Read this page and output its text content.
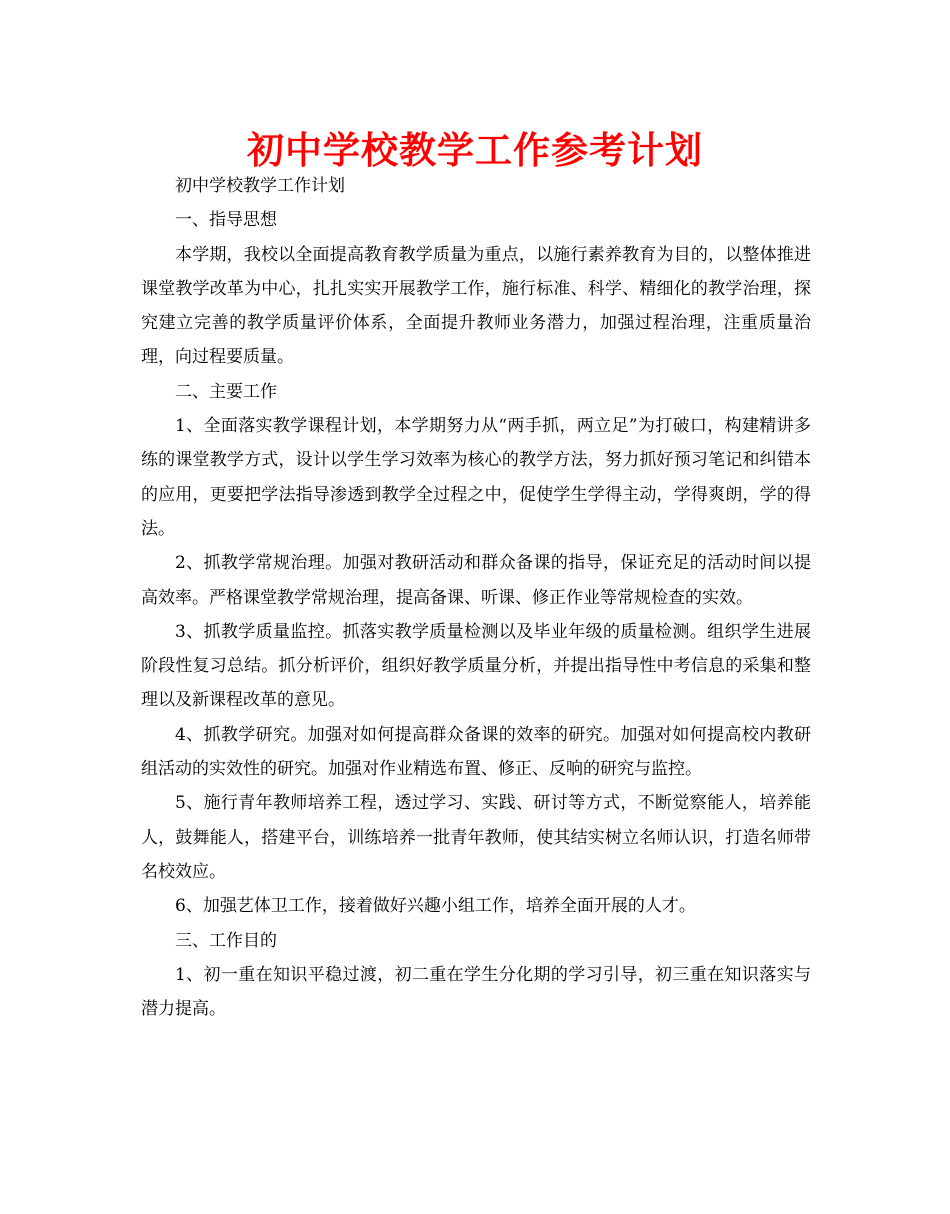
初中学校教学工作参考计划

初中学校教学工作计划

一、指导思想

本学期，我校以全面提高教育教学质量为重点，以施行素养教育为目的，以整体推进课堂教学改革为中心，扎扎实实开展教学工作，施行标准、科学、精细化的教学治理，探究建立完善的教学质量评价体系，全面提升教师业务潜力，加强过程治理，注重质量治理，向过程要质量。

二、主要工作

1、全面落实教学课程计划，本学期努力从“两手抓，两立足”为打破口，构建精讲多练的课堂教学方式，设计以学生学习效率为核心的教学方法，努力抓好预习笔记和纠错本的应用，更要把学法指导渗透到教学全过程之中，促使学生学得主动，学得爽朗，学的得法。

2、抓教学常规治理。加强对教研活动和群众备课的指导，保证充足的活动时间以提高效率。严格课堂教学常规治理，提高备课、听课、修正作业等常规检查的实效。

3、抓教学质量监控。抓落实教学质量检测以及毕业年级的质量检测。组织学生进展阶段性复习总结。抓分析评价，组织好教学质量分析，并提出指导性中考信息的采集和整理以及新课程改革的意见。

4、抓教学研究。加强对如何提高群众备课的效率的研究。加强对如何提高校内教研组活动的实效性的研究。加强对作业精选布置、修正、反响的研究与监控。

5、施行青年教师培养工程，透过学习、实践、研讨等方式，不断觉察能人，培养能人，鼓舞能人，搭建平台，训练培养一批青年教师，使其结实树立名师认识，打造名师带名校效应。

6、加强艺体卫工作，接着做好兴趣小组工作，培养全面开展的人才。

三、工作目的

1、初一重在知识平稳过渡，初二重在学生分化期的学习引导，初三重在知识落实与潜力提高。
